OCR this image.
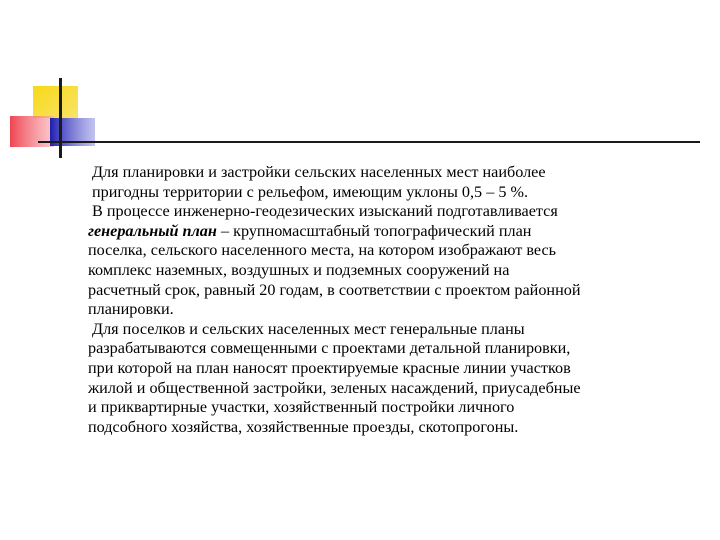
Для планировки и застройки сельских населенных мест наиболее
пригодны территории с рельефом, имеющим уклоны 0,5 – 5 %.

В процессе инженерно-геодезических изысканий подготавливается
генеральный план – крупномасштабный топографический план
поселка, сельского населенного места, на котором изображают весь
комплекс наземных, воздушных и подземных сооружений на
расчетный срок, равный 20 годам, в соответствии с проектом районной
планировки.

Для поселков и сельских населенных мест генеральные планы
разрабатываются совмещенными с проектами детальной планировки,
при которой на план наносят проектируемые красные линии участков
жилой и общественной застройки, зеленых насаждений, приусадебные
и приквартирные участки, хозяйственный постройки личного
подсобного хозяйства, хозяйственные проезды, скотопрогоны.
